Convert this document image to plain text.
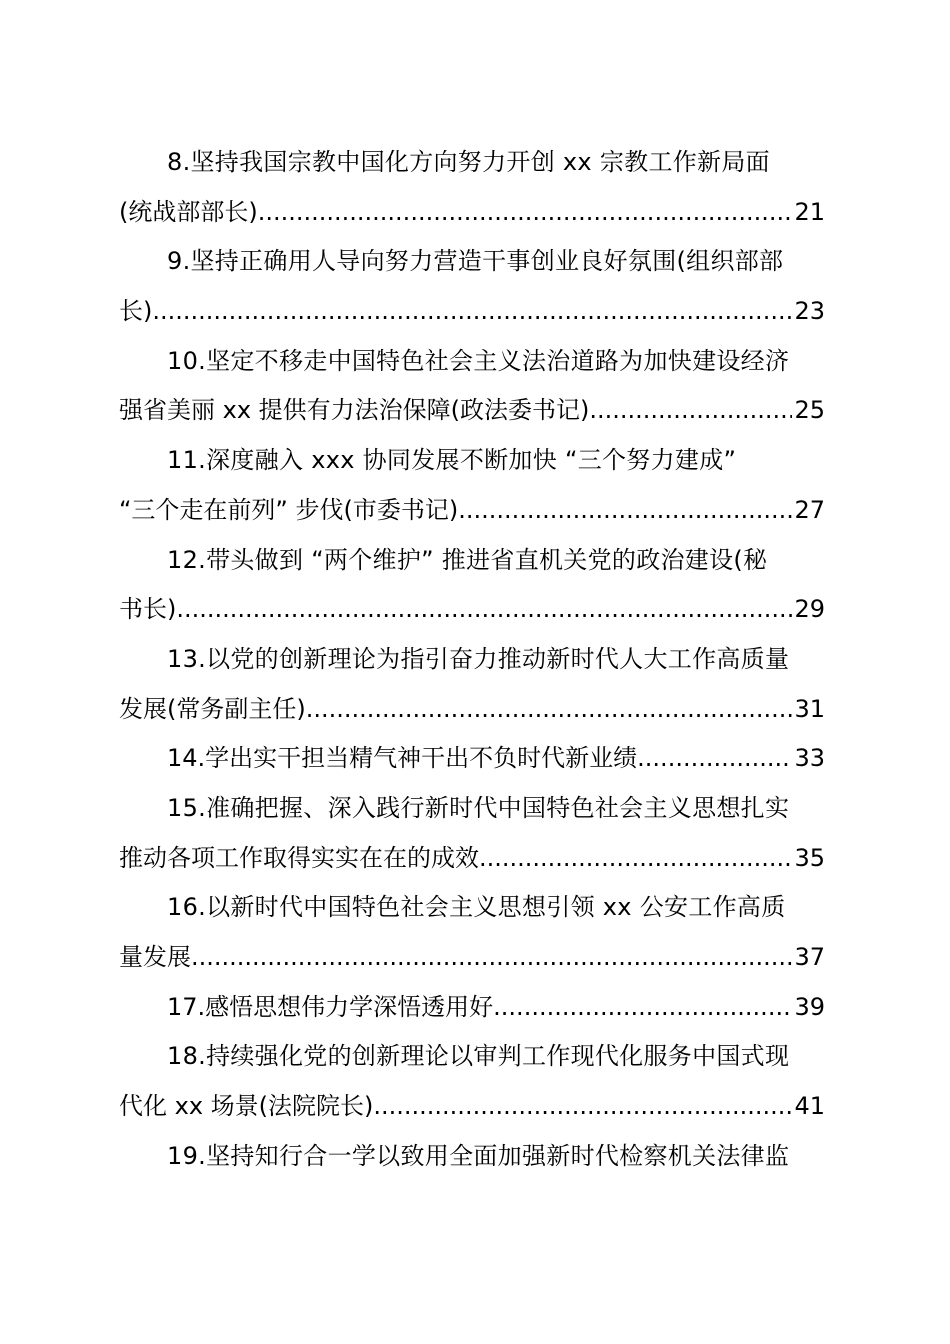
8.坚持我国宗教中国化方向努力开创 xx 宗教工作新局面
(统战部部长) .....	21
9.坚持正确用人导向努力营造干事创业良好氛围(组织部部
长) .....	23
10.坚定不移走中国特色社会主义法治道路为加快建设经济
强省美丽 xx 提供有力法治保障(政法委书记) .....	25
11.深度融入 xxx 协同发展不断加快 “三个努力建成”
“三个走在前列” 步伐(市委书记) .....	27
12.带头做到 “两个维护” 推进省直机关党的政治建设(秘
书长) .....	29
13.以党的创新理论为指引奋力推动新时代人大工作高质量
发展(常务副主任) .....	31
14.学出实干担当精气神干出不负时代新业绩 .....	33
15.准确把握、深入践行新时代中国特色社会主义思想扎实
推动各项工作取得实实在在的成效 .....	35
16.以新时代中国特色社会主义思想引领 xx 公安工作高质
量发展 .....	37
17.感悟思想伟力学深悟透用好 .....	39
18.持续强化党的创新理论以审判工作现代化服务中国式现
代化 xx 场景(法院院长) .....	41
19.坚持知行合一学以致用全面加强新时代检察机关法律监
